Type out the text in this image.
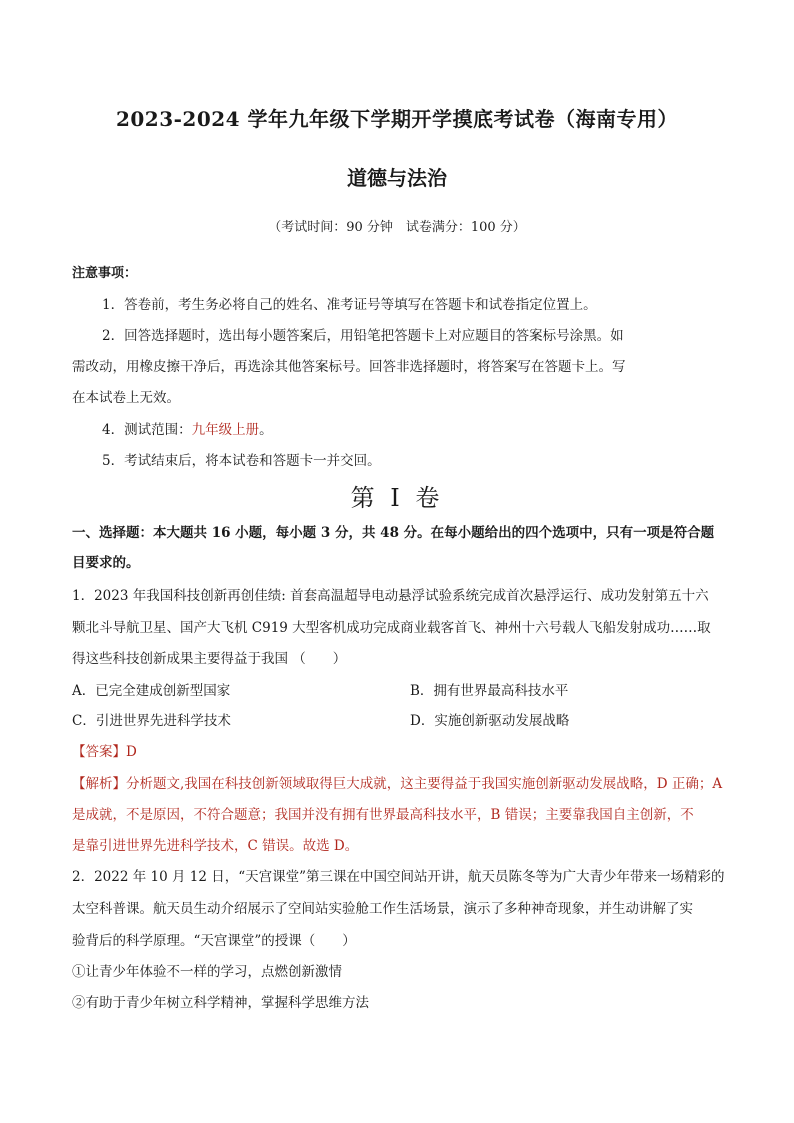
2023-2024 学年九年级下学期开学摸底考试卷（海南专用）
道德与法治
（考试时间：90 分钟　试卷满分：100 分）
注意事项：
1．答卷前，考生务必将自己的姓名、准考证号等填写在答题卡和试卷指定位置上。
2．回答选择题时，选出每小题答案后，用铅笔把答题卡上对应题目的答案标号涂黑。如
需改动，用橡皮擦干净后，再选涂其他答案标号。回答非选择题时，将答案写在答题卡上。写
在本试卷上无效。
4．测试范围：九年级上册。
5．考试结束后，将本试卷和答题卡一并交回。
第 I 卷
一、选择题：本大题共 16 小题，每小题 3 分，共 48 分。在每小题给出的四个选项中，只有一项是符合题
目要求的。
1．2023 年我国科技创新再创佳绩: 首套高温超导电动悬浮试验系统完成首次悬浮运行、成功发射第五十六
颗北斗导航卫星、国产大飞机 C919 大型客机成功完成商业载客首飞、神州十六号载人飞船发射成功……取
得这些科技创新成果主要得益于我国 （　　）
A．已完全建成创新型国家	B．拥有世界最高科技水平
C．引进世界先进科学技术	D．实施创新驱动发展战略
【答案】D
【解析】分析题文,我国在科技创新领域取得巨大成就，这主要得益于我国实施创新驱动发展战略，D 正确；A
是成就，不是原因，不符合题意；我国并没有拥有世界最高科技水平，B 错误；主要靠我国自主创新，不
是靠引进世界先进科学技术，C 错误。故选 D。
2．2022 年 10 月 12 日，“天宫课堂”第三课在中国空间站开讲，航天员陈冬等为广大青少年带来一场精彩的
太空科普课。航天员生动介绍展示了空间站实验舱工作生活场景，演示了多种神奇现象，并生动讲解了实
验背后的科学原理。“天宫课堂”的授课（　　）
①让青少年体验不一样的学习，点燃创新激情
②有助于青少年树立科学精神，掌握科学思维方法
